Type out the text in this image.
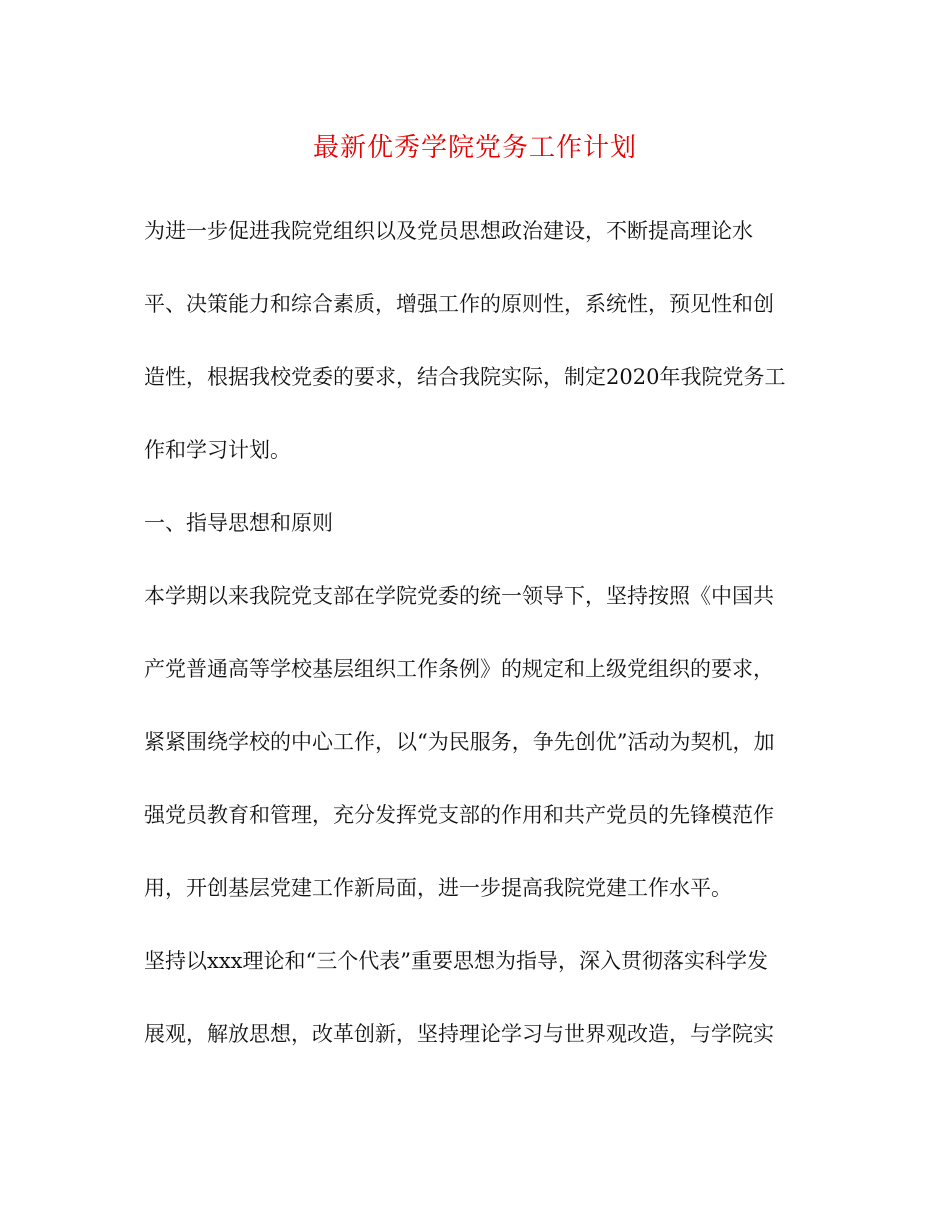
最新优秀学院党务工作计划
为进一步促进我院党组织以及党员思想政治建设，不断提高理论水
平、决策能力和综合素质，增强工作的原则性，系统性，预见性和创
造性，根据我校党委的要求，结合我院实际，制定2020年我院党务工
作和学习计划。
一、指导思想和原则
本学期以来我院党支部在学院党委的统一领导下，坚持按照《中国共
产党普通高等学校基层组织工作条例》的规定和上级党组织的要求，
紧紧围绕学校的中心工作，以“为民服务，争先创优”活动为契机，加
强党员教育和管理，充分发挥党支部的作用和共产党员的先锋模范作
用，开创基层党建工作新局面，进一步提高我院党建工作水平。
坚持以xxx理论和“三个代表”重要思想为指导，深入贯彻落实科学发
展观，解放思想，改革创新，坚持理论学习与世界观改造，与学院实
